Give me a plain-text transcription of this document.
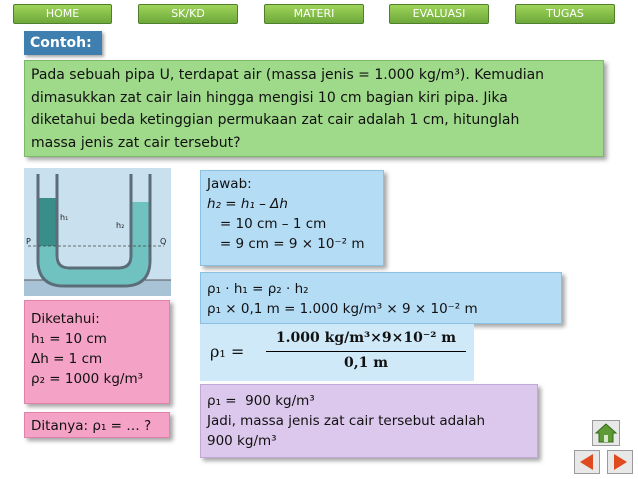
HOME	SK/KD	MATERI	EVALUASI	TUGAS
Contoh:
Pada sebuah pipa U, terdapat air (massa jenis = 1.000 kg/m³). Kemudian
dimasukkan zat cair lain hingga mengisi 10 cm bagian kiri pipa. Jika
diketahui beda ketinggian permukaan zat cair adalah 1 cm, hitunglah
massa jenis zat cair tersebut?
P	Q
h₁
h₂
Jawab:
h₂ = h₁ – Δh
= 10 cm – 1 cm
= 9 cm = 9 × 10⁻² m
ρ₁ · h₁ = ρ₂ · h₂
ρ₁ × 0,1 m = 1.000 kg/m³ × 9 × 10⁻² m
ρ₁ =
1.000 kg/m³×9×10⁻² m
0,1 m
ρ₁ =  900 kg/m³
Jadi, massa jenis zat cair tersebut adalah
900 kg/m³
Diketahui:
h₁ = 10 cm
Δh = 1 cm
ρ₂ = 1000 kg/m³
Ditanya: ρ₁ = … ?
